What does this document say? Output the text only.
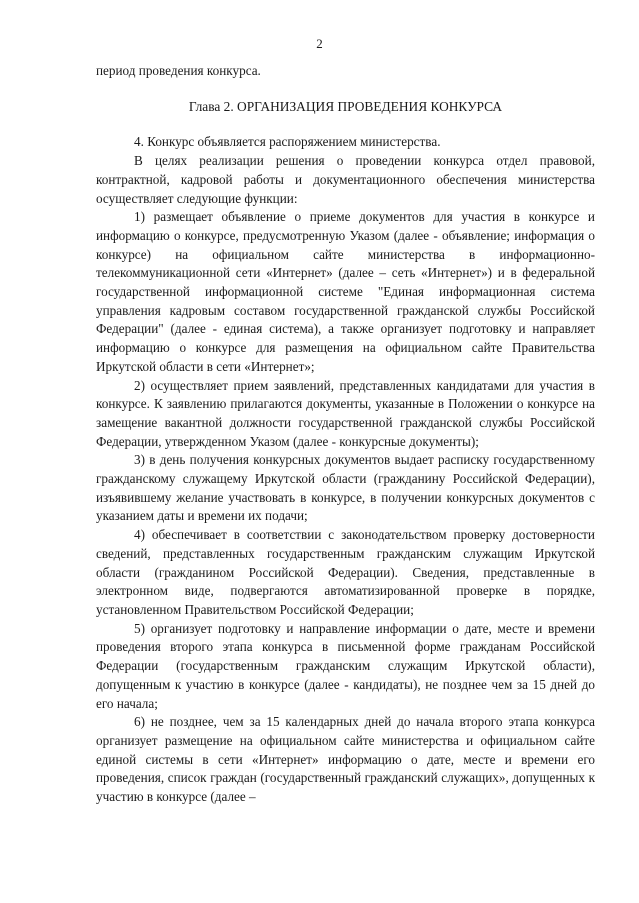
2

период проведения конкурса.

Глава 2. ОРГАНИЗАЦИЯ ПРОВЕДЕНИЯ КОНКУРСА

4. Конкурс объявляется распоряжением министерства.

В целях реализации решения о проведении конкурса отдел правовой, контрактной, кадровой работы и документационного обеспечения министерства осуществляет следующие функции:

1) размещает объявление о приеме документов для участия в конкурсе и информацию о конкурсе, предусмотренную Указом (далее - объявление; информация о конкурсе) на официальном сайте министерства в информационно-телекоммуникационной сети «Интернет» (далее – сеть «Интернет») и в федеральной государственной информационной системе "Единая информационная система управления кадровым составом государственной гражданской службы Российской Федерации" (далее - единая система), а также организует подготовку и направляет информацию о конкурсе для размещения на официальном сайте Правительства Иркутской области в сети «Интернет»;

2) осуществляет прием заявлений, представленных кандидатами для участия в конкурсе. К заявлению прилагаются документы, указанные в Положении о конкурсе на замещение вакантной должности государственной гражданской службы Российской Федерации, утвержденном Указом (далее - конкурсные документы);

3) в день получения конкурсных документов выдает расписку государственному гражданскому служащему Иркутской области (гражданину Российской Федерации), изъявившему желание участвовать в конкурсе, в получении конкурсных документов с указанием даты и времени их подачи;

4) обеспечивает в соответствии с законодательством проверку достоверности сведений, представленных государственным гражданским служащим Иркутской области (гражданином Российской Федерации). Сведения, представленные в электронном виде, подвергаются автоматизированной проверке в порядке, установленном Правительством Российской Федерации;

5) организует подготовку и направление информации о дате, месте и времени проведения второго этапа конкурса в письменной форме гражданам Российской Федерации (государственным гражданским служащим Иркутской области), допущенным к участию в конкурсе (далее - кандидаты), не позднее чем за 15 дней до его начала;

6) не позднее, чем за 15 календарных дней до начала второго этапа конкурса организует размещение на официальном сайте министерства и официальном сайте единой системы в сети «Интернет» информацию о дате, месте и времени его проведения, список граждан (государственный гражданский служащих», допущенных к участию в конкурсе (далее –
